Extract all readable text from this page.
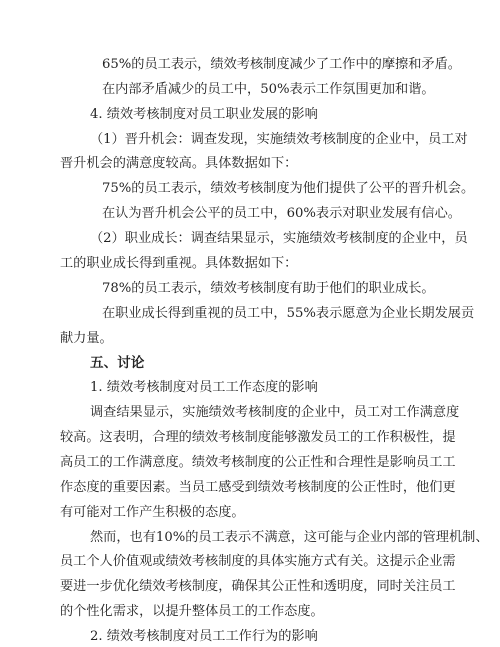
65%的员工表示，绩效考核制度减少了工作中的摩擦和矛盾。
在内部矛盾减少的员工中，50%表示工作氛围更加和谐。
4. 绩效考核制度对员工职业发展的影响
（1）晋升机会：调查发现，实施绩效考核制度的企业中，员工对
晋升机会的满意度较高。具体数据如下：
75%的员工表示，绩效考核制度为他们提供了公平的晋升机会。
在认为晋升机会公平的员工中，60%表示对职业发展有信心。
（2）职业成长：调查结果显示，实施绩效考核制度的企业中，员
工的职业成长得到重视。具体数据如下：
78%的员工表示，绩效考核制度有助于他们的职业成长。
在职业成长得到重视的员工中，55%表示愿意为企业长期发展贡
献力量。
五、讨论
1. 绩效考核制度对员工工作态度的影响
调查结果显示，实施绩效考核制度的企业中，员工对工作满意度
较高。这表明，合理的绩效考核制度能够激发员工的工作积极性，提
高员工的工作满意度。绩效考核制度的公正性和合理性是影响员工工
作态度的重要因素。当员工感受到绩效考核制度的公正性时，他们更
有可能对工作产生积极的态度。
然而，也有10%的员工表示不满意，这可能与企业内部的管理机制、
员工个人价值观或绩效考核制度的具体实施方式有关。这提示企业需
要进一步优化绩效考核制度，确保其公正性和透明度，同时关注员工
的个性化需求，以提升整体员工的工作态度。
2. 绩效考核制度对员工工作行为的影响
